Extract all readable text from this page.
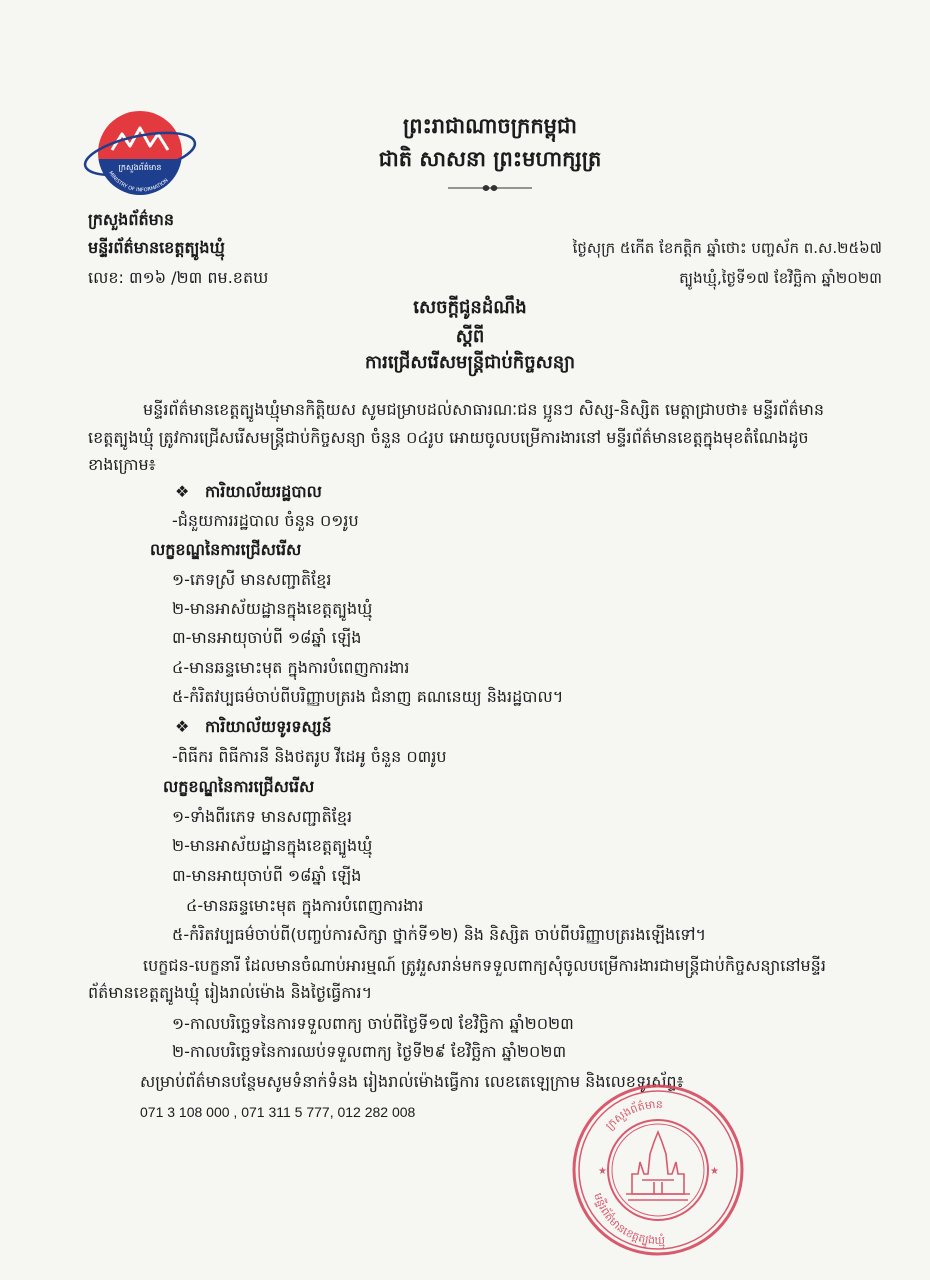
ក្រសួងព័ត៌មាន
MINISTRY OF INFORMATION
ព្រះរាជាណាចក្រកម្ពុជា
ជាតិ សាសនា ព្រះមហាក្សត្រ
ក្រសួងព័ត៌មាន
មន្ទីរព័ត៌មានខេត្តត្បូងឃ្មុំ
លេខ: ៣១៦ /២៣ ពម.ខតឃ
ថ្ងៃសុក្រ ៥កើត ខែកត្តិក ឆ្នាំថោះ បញ្ចស័ក ព.ស.២៥៦៧
ត្បូងឃ្មុំ,ថ្ងៃទី១៧ ខែវិច្ឆិកា ឆ្នាំ២០២៣
សេចក្តីជូនដំណឹង
ស្តីពី
ការជ្រើសរើសមន្ត្រីជាប់កិច្ចសន្យា
មន្ទីរព័ត៌មានខេត្តត្បូងឃ្មុំមានកិត្តិយស សូមជម្រាបដល់សាធារណៈជន ប្អូនៗ សិស្ស-និស្សិត មេត្តាជ្រាបថា៖ មន្ទីរព័ត៌មាន
ខេត្តត្បូងឃ្មុំ ត្រូវការជ្រើសរើសមន្ត្រីជាប់កិច្ចសន្យា ចំនួន ០៤រូប អោយចូលបម្រើការងារនៅ មន្ទីរព័ត៌មានខេត្តក្នុងមុខតំណែងដូច
ខាងក្រោម៖
❖ ការិយាល័យរដ្ឋបាល
-ជំនួយការរដ្ឋបាល ចំនួន ០១រូប
លក្ខខណ្ឌនៃការជ្រើសរើស
១-ភេទស្រី មានសញ្ជាតិខ្មែរ
២-មានអាស័យដ្ឋានក្នុងខេត្តត្បូងឃ្មុំ
៣-មានអាយុចាប់ពី ១៨ឆ្នាំ ឡើង
៤-មានឆន្ទមោះមុត ក្នុងការបំពេញការងារ
៥-កំរិតវប្បធម៌ចាប់ពីបរិញ្ញាបត្ររង ជំនាញ គណនេយ្យ និងរដ្ឋបាល។
❖ ការិយាល័យទូរទស្សន៍
-ពិធីករ ពិធីការនី និងថតរូប វីដេអូ ចំនួន ០៣រូប
លក្ខខណ្ឌនៃការជ្រើសរើស
១-ទាំងពីរភេទ មានសញ្ជាតិខ្មែរ
២-មានអាស័យដ្ឋានក្នុងខេត្តត្បូងឃ្មុំ
៣-មានអាយុចាប់ពី ១៨ឆ្នាំ ឡើង
៤-មានឆន្ទមោះមុត ក្នុងការបំពេញការងារ
៥-កំរិតវប្បធម៌ចាប់ពី(បញ្ចប់ការសិក្សា ថ្នាក់ទី១២) និង និស្សិត ចាប់ពីបរិញ្ញាបត្ររងឡើងទៅ។
បេក្ខជន-បេក្ខនារី ដែលមានចំណាប់អារម្មណ៍ ត្រូវរួសរាន់មកទទួលពាក្យសុំចូលបម្រើការងារជាមន្ត្រីជាប់កិច្ចសន្យានៅមន្ទីរ
ព័ត៌មានខេត្តត្បូងឃ្មុំ រៀងរាល់ម៉ោង និងថ្ងៃធ្វើការ។
១-កាលបរិច្ឆេទនៃការទទួលពាក្យ ចាប់ពីថ្ងៃទី១៧ ខែវិច្ឆិកា ឆ្នាំ២០២៣
២-កាលបរិច្ឆេទនៃការឈប់ទទួលពាក្យ ថ្ងៃទី២៩ ខែវិច្ឆិកា ឆ្នាំ២០២៣
សម្រាប់ព័ត៌មានបន្ថែមសូមទំនាក់ទំនង រៀងរាល់ម៉ោងធ្វើការ លេខតេឡេក្រាម និងលេខទូរស័ព្ទ៖
071 3 108 000 , 071 311 5 777, 012 282 008
ក្រសួងព័ត៌មាន
មន្ទីរព័ត៌មានខេត្តត្បូងឃ្មុំ
★	★
